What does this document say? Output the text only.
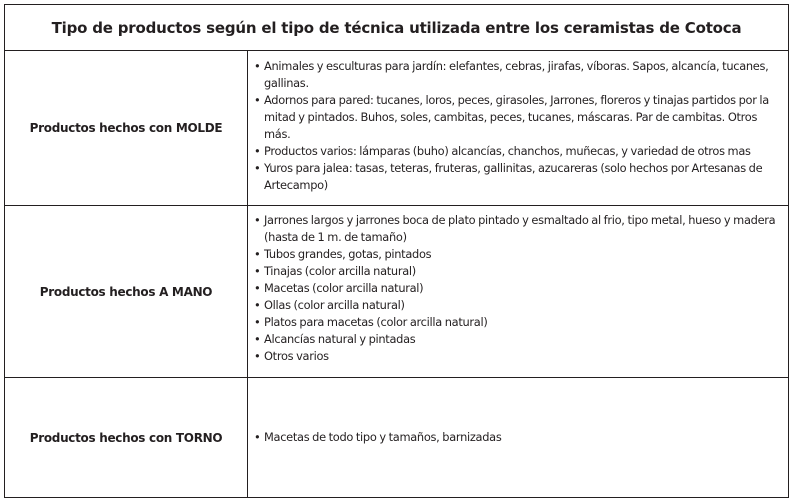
Tipo de productos según el tipo de técnica utilizada entre los ceramistas de Cotoca
Productos hechos con MOLDE
• Animales y esculturas para jardín: elefantes, cebras, jirafas, víboras. Sapos, alcancía, tucanes, gallinas.
• Adornos para pared: tucanes, loros, peces, girasoles, Jarrones, floreros y tinajas partidos por la mitad y pintados. Buhos, soles, cambitas, peces, tucanes, máscaras. Par de cambitas. Otros más.
• Productos varios: lámparas (buho) alcancías, chanchos, muñecas, y variedad de otros mas
• Yuros para jalea: tasas, teteras, fruteras, gallinitas, azucareras (solo hechos por Artesanas de Artecampo)
Productos hechos A MANO
• Jarrones largos y jarrones boca de plato pintado y esmaltado al frio, tipo metal, hueso y madera (hasta de 1 m. de tamaño)
• Tubos grandes, gotas, pintados
• Tinajas (color arcilla natural)
• Macetas (color arcilla natural)
• Ollas (color arcilla natural)
• Platos para macetas (color arcilla natural)
• Alcancías natural y pintadas
• Otros varios
Productos hechos con TORNO
•	Macetas de todo tipo y tamaños, barnizadas
